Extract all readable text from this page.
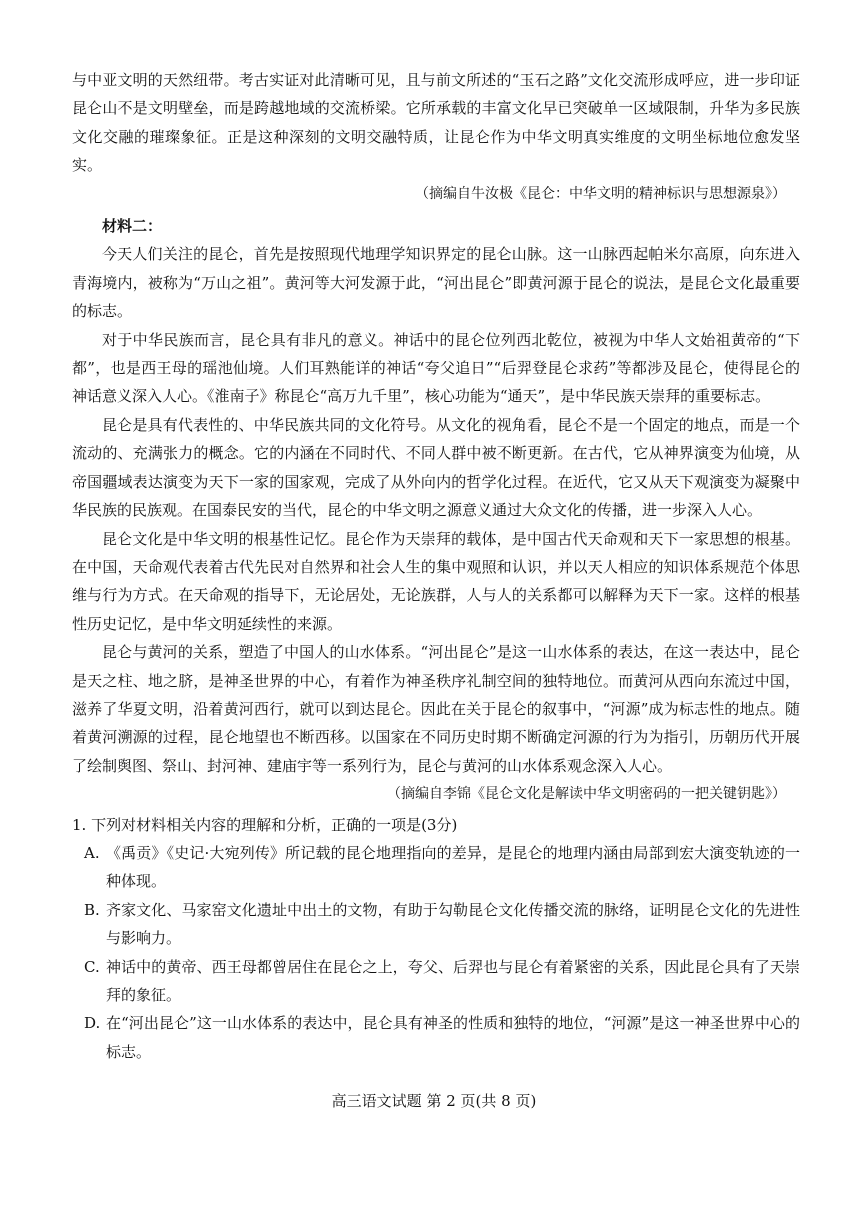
与中亚文明的天然纽带。考古实证对此清晰可见，且与前文所述的“玉石之路”文化交流形成呼应，进一步印证昆仑山不是文明壁垒，而是跨越地域的交流桥梁。它所承载的丰富文化早已突破单一区域限制，升华为多民族文化交融的璀璨象征。正是这种深刻的文明交融特质，让昆仑作为中华文明真实维度的文明坐标地位愈发坚实。

（摘编自牛汝极《昆仑：中华文明的精神标识与思想源泉》）

材料二：

今天人们关注的昆仑，首先是按照现代地理学知识界定的昆仑山脉。这一山脉西起帕米尔高原，向东进入青海境内，被称为“万山之祖”。黄河等大河发源于此，“河出昆仑”即黄河源于昆仑的说法，是昆仑文化最重要的标志。

对于中华民族而言，昆仑具有非凡的意义。神话中的昆仑位列西北乾位，被视为中华人文始祖黄帝的“下都”，也是西王母的瑶池仙境。人们耳熟能详的神话“夸父追日”“后羿登昆仑求药”等都涉及昆仑，使得昆仑的神话意义深入人心。《淮南子》称昆仑“高万九千里”，核心功能为“通天”，是中华民族天崇拜的重要标志。

昆仑是具有代表性的、中华民族共同的文化符号。从文化的视角看，昆仑不是一个固定的地点，而是一个流动的、充满张力的概念。它的内涵在不同时代、不同人群中被不断更新。在古代，它从神界演变为仙境，从帝国疆域表达演变为天下一家的国家观，完成了从外向内的哲学化过程。在近代，它又从天下观演变为凝聚中华民族的民族观。在国泰民安的当代，昆仑的中华文明之源意义通过大众文化的传播，进一步深入人心。

昆仑文化是中华文明的根基性记忆。昆仑作为天崇拜的载体，是中国古代天命观和天下一家思想的根基。在中国，天命观代表着古代先民对自然界和社会人生的集中观照和认识，并以天人相应的知识体系规范个体思维与行为方式。在天命观的指导下，无论居处，无论族群，人与人的关系都可以解释为天下一家。这样的根基性历史记忆，是中华文明延续性的来源。

昆仑与黄河的关系，塑造了中国人的山水体系。“河出昆仑”是这一山水体系的表达，在这一表达中，昆仑是天之柱、地之脐，是神圣世界的中心，有着作为神圣秩序礼制空间的独特地位。而黄河从西向东流过中国，滋养了华夏文明，沿着黄河西行，就可以到达昆仑。因此在关于昆仑的叙事中，“河源”成为标志性的地点。随着黄河溯源的过程，昆仑地望也不断西移。以国家在不同历史时期不断确定河源的行为为指引，历朝历代开展了绘制舆图、祭山、封河神、建庙宇等一系列行为，昆仑与黄河的山水体系观念深入人心。

（摘编自李锦《昆仑文化是解读中华文明密码的一把关键钥匙》）

1. 下列对材料相关内容的理解和分析，正确的一项是(3分)

A. 《禹贡》《史记·大宛列传》所记载的昆仑地理指向的差异，是昆仑的地理内涵由局部到宏大演变轨迹的一种体现。
B. 齐家文化、马家窑文化遗址中出土的文物，有助于勾勒昆仑文化传播交流的脉络，证明昆仑文化的先进性与影响力。
C. 神话中的黄帝、西王母都曾居住在昆仑之上，夸父、后羿也与昆仑有着紧密的关系，因此昆仑具有了天崇拜的象征。
D. 在“河出昆仑”这一山水体系的表达中，昆仑具有神圣的性质和独特的地位，“河源”是这一神圣世界中心的标志。
高三语文试题 第 2 页(共 8 页)
